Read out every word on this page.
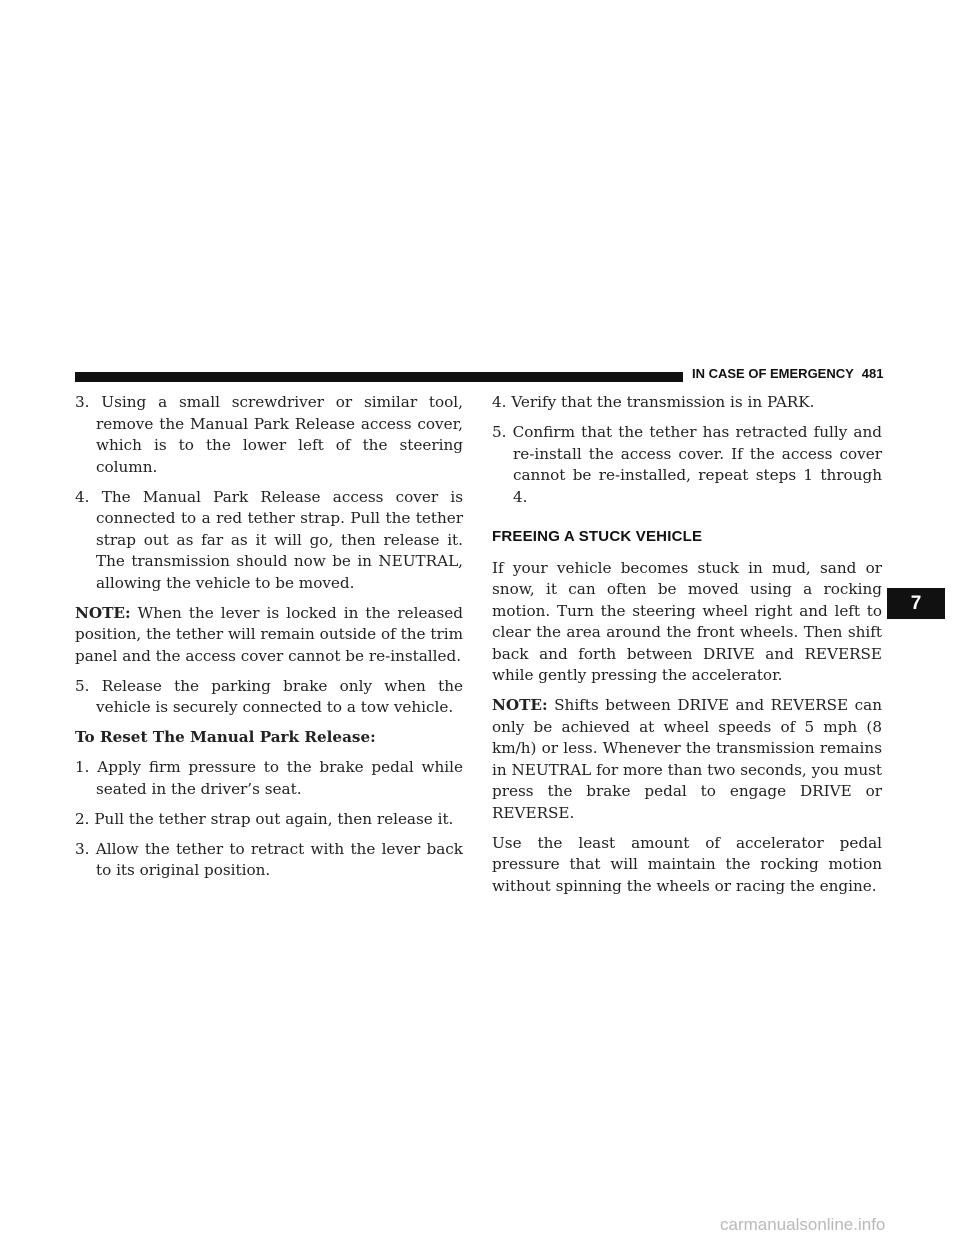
IN CASE OF EMERGENCY 481

3. Using a small screwdriver or similar tool, remove the Manual Park Release access cover, which is to the lower left of the steering column.

4. The Manual Park Release access cover is connected to a red tether strap. Pull the tether strap out as far as it will go, then release it. The transmission should now be in NEUTRAL, allowing the vehicle to be moved.

NOTE: When the lever is locked in the released position, the tether will remain outside of the trim panel and the access cover cannot be re-installed.

5. Release the parking brake only when the vehicle is securely connected to a tow vehicle.

To Reset The Manual Park Release:

1. Apply firm pressure to the brake pedal while seated in the driver’s seat.

2. Pull the tether strap out again, then release it.

3. Allow the tether to retract with the lever back to its original position.

4. Verify that the transmission is in PARK.

5. Confirm that the tether has retracted fully and re-install the access cover. If the access cover cannot be re-installed, repeat steps 1 through 4.

FREEING A STUCK VEHICLE

If your vehicle becomes stuck in mud, sand or snow, it can often be moved using a rocking motion. Turn the steering wheel right and left to clear the area around the front wheels. Then shift back and forth between DRIVE and REVERSE while gently pressing the accelerator.

NOTE: Shifts between DRIVE and REVERSE can only be achieved at wheel speeds of 5 mph (8 km/h) or less. Whenever the transmission remains in NEUTRAL for more than two seconds, you must press the brake pedal to engage DRIVE or REVERSE.

Use the least amount of accelerator pedal pressure that will maintain the rocking motion without spinning the wheels or racing the engine.

7
carmanualsonline.info
